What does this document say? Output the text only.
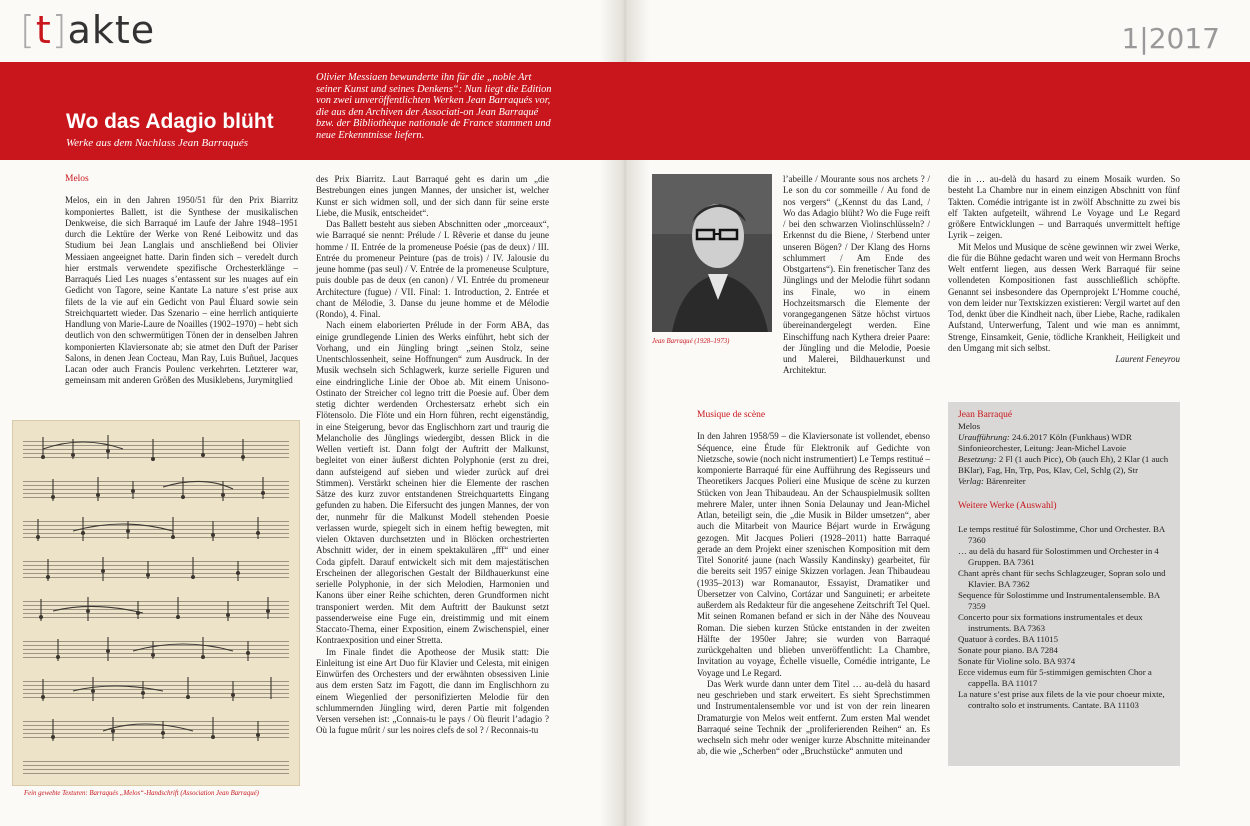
[t]akte	1|2017
Wo das Adagio blüht
Werke aus dem Nachlass Jean Barraqués
Olivier Messiaen bewunderte ihn für die „noble Art seiner Kunst und seines Denkens“: Nun liegt die Edition von zwei unveröffentlichten Werken Jean Barraqués vor, die aus den Archiven der Associati-on Jean Barraqué bzw. der Bibliothèque nationale de France stammen und neue Erkenntnisse liefern.
Melos

Melos, ein in den Jahren 1950/51 für den Prix Biarritz komponiertes Ballett, ist die Synthese der musikalischen Denkweise, die sich Barraqué im Laufe der Jahre 1948–1951 durch die Lektüre der Werke von René Leibowitz und das Studium bei Jean Langlais und anschließend bei Olivier Messiaen angeeignet hatte. Darin finden sich – veredelt durch hier erstmals verwendete spezifische Orchesterklänge – Barraqués Lied Les nuages s’entassent sur les nuages auf ein Gedicht von Tagore, seine Kantate La nature s’est prise aux filets de la vie auf ein Gedicht von Paul Éluard sowie sein Streichquartett wieder. Das Szenario – eine herrlich antiquierte Handlung von Marie-Laure de Noailles (1902–1970) – hebt sich deutlich von den schwermütigen Tönen der in denselben Jahren komponierten Klaviersonate ab; sie atmet den Duft der Pariser Salons, in denen Jean Cocteau, Man Ray, Luis Buñuel, Jacques Lacan oder auch Francis Poulenc verkehrten. Letzterer war, gemeinsam mit anderen Größen des Musiklebens, Jurymitglied

Fein gewebte Texturen: Barraqués „Melos“-Handschrift (Association Jean Barraqué)

des Prix Biarritz. Laut Barraqué geht es darin um „die Bestrebungen eines jungen Mannes, der unsicher ist, welcher Kunst er sich widmen soll, und der sich dann für seine erste Liebe, die Musik, entscheidet“.

Das Ballett besteht aus sieben Abschnitten oder „morceaux“, wie Barraqué sie nennt: Prélude / I. Rêverie et danse du jeune homme / II. Entrée de la promeneuse Poésie (pas de deux) / III. Entrée du promeneur Peinture (pas de trois) / IV. Jalousie du jeune homme (pas seul) / V. Entrée de la promeneuse Sculpture, puis double pas de deux (en canon) / VI. Entrée du promeneur Architecture (fugue) / VII. Final: 1. Introduction, 2. Entrée et chant de Mélodie, 3. Danse du jeune homme et de Mélodie (Rondo), 4. Final.

Nach einem elaborierten Prélude in der Form ABA, das einige grundlegende Linien des Werks einführt, hebt sich der Vorhang, und ein Jüngling bringt „seinen Stolz, seine Unentschlossenheit, seine Hoffnungen“ zum Ausdruck. In der Musik wechseln sich Schlagwerk, kurze serielle Figuren und eine eindringliche Linie der Oboe ab. Mit einem Unisono-Ostinato der Streicher col legno tritt die Poesie auf. Über dem stetig dichter werdenden Orchestersatz erhebt sich ein Flötensolo. Die Flöte und ein Horn führen, recht eigenständig, in eine Steigerung, bevor das Englischhorn zart und traurig die Melancholie des Jünglings wiedergibt, dessen Blick in die Wellen vertieft ist. Dann folgt der Auftritt der Malkunst, begleitet von einer äußerst dichten Polyphonie (erst zu drei, dann aufsteigend auf sieben und wieder zurück auf drei Stimmen). Verstärkt scheinen hier die Elemente der raschen Sätze des kurz zuvor entstandenen Streichquartetts Eingang gefunden zu haben. Die Eifersucht des jungen Mannes, der von der, nunmehr für die Malkunst Modell stehenden Poesie verlassen wurde, spiegelt sich in einem heftig bewegten, mit vielen Oktaven durchsetzten und in Blöcken orchestrierten Abschnitt wider, der in einem spektakulären „fff“ und einer Coda gipfelt. Darauf entwickelt sich mit dem majestätischen Erscheinen der allegorischen Gestalt der Bildhauerkunst eine serielle Polyphonie, in der sich Melodien, Harmonien und Kanons über einer Reihe schichten, deren Grundformen nicht transponiert werden. Mit dem Auftritt der Baukunst setzt passenderweise eine Fuge ein, dreistimmig und mit einem Staccato-Thema, einer Exposition, einem Zwischenspiel, einer Kontraexposition und einer Stretta.

Im Finale findet die Apotheose der Musik statt: Die Einleitung ist eine Art Duo für Klavier und Celesta, mit einigen Einwürfen des Orchesters und der erwähnten obsessiven Linie aus dem ersten Satz im Fagott, die dann im Englischhorn zu einem Wiegenlied der personifizierten Melodie für den schlummernden Jüngling wird, deren Partie mit folgenden Versen versehen ist: „Connais-tu le pays / Où fleurit l’adagio ? Où la fugue mûrit / sur les noires clefs de sol ? / Reconnais-tu

Jean Barraqué (1928–1973)

l’abeille / Mourante sous nos archets ? / Le son du cor sommeille / Au fond de nos vergers“ („Kennst du das Land, / Wo das Adagio blüht? Wo die Fuge reift / bei den schwarzen Violinschlüsseln? / Erkennst du die Biene, / Sterbend unter unseren Bögen? / Der Klang des Horns schlummert / Am Ende des Obstgartens“). Ein frenetischer Tanz des Jünglings und der Melodie führt sodann ins Finale, wo in einem Hochzeitsmarsch die Elemente der vorangegangenen Sätze höchst virtuos übereinandergelegt werden. Eine Einschiffung nach Kythera dreier Paare: der Jüngling und die Melodie, Poesie und Malerei, Bildhauerkunst und Architektur.

Musique de scène

In den Jahren 1958/59 – die Klaviersonate ist vollendet, ebenso Séquence, eine Étude für Elektronik auf Gedichte von Nietzsche, sowie (noch nicht instrumentiert) Le Temps restitué – komponierte Barraqué für eine Aufführung des Regisseurs und Theoretikers Jacques Polieri eine Musique de scène zu kurzen Stücken von Jean Thibaudeau. An der Schauspielmusik sollten mehrere Maler, unter ihnen Sonia Delaunay und Jean-Michel Atlan, beteiligt sein, die „die Musik in Bilder umsetzen“, aber auch die Mitarbeit von Maurice Béjart wurde in Erwägung gezogen. Mit Jacques Polieri (1928–2011) hatte Barraqué gerade an dem Projekt einer szenischen Komposition mit dem Titel Sonorité jaune (nach Wassily Kandinsky) gearbeitet, für die bereits seit 1957 einige Skizzen vorlagen. Jean Thibaudeau (1935–2013) war Romanautor, Essayist, Dramatiker und Übersetzer von Calvino, Cortázar und Sanguineti; er arbeitete außerdem als Redakteur für die angesehene Zeitschrift Tel Quel. Mit seinen Romanen befand er sich in der Nähe des Nouveau Roman. Die sieben kurzen Stücke entstanden in der zweiten Hälfte der 1950er Jahre; sie wurden von Barraqué zurückgehalten und blieben unveröffentlicht: La Chambre, Invitation au voyage, Échelle visuelle, Comédie intrigante, Le Voyage und Le Regard.

Das Werk wurde dann unter dem Titel … au-delà du hasard neu geschrieben und stark erweitert. Es sieht Sprechstimmen und Instrumentalensemble vor und ist von der rein linearen Dramaturgie von Melos weit entfernt. Zum ersten Mal wendet Barraqué seine Technik der „proliferierenden Reihen“ an. Es wechseln sich mehr oder weniger kurze Abschnitte miteinander ab, die wie „Scherben“ oder „Bruchstücke“ anmuten und

die in … au-delà du hasard zu einem Mosaik wurden. So besteht La Chambre nur in einem einzigen Abschnitt von fünf Takten. Comédie intrigante ist in zwölf Abschnitte zu zwei bis elf Takten aufgeteilt, während Le Voyage und Le Regard größere Entwicklungen – und Barraqués unvermittelt heftige Lyrik – zeigen.

Mit Melos und Musique de scène gewinnen wir zwei Werke, die für die Bühne gedacht waren und weit von Hermann Brochs Welt entfernt liegen, aus dessen Werk Barraqué für seine vollendeten Kompositionen fast ausschließlich schöpfte. Genannt sei insbesondere das Opernprojekt L’Homme couché, von dem leider nur Textskizzen existieren: Vergil wartet auf den Tod, denkt über die Kindheit nach, über Liebe, Rache, radikalen Aufstand, Unterwerfung, Talent und wie man es annimmt, Strenge, Einsamkeit, Genie, tödliche Krankheit, Heiligkeit und den Umgang mit sich selbst.

Laurent Feneyrou

Jean Barraqué
Melos
Uraufführung: 24.6.2017 Köln (Funkhaus) WDR Sinfonieorchester, Leitung: Jean-Michel Lavoie
Besetzung: 2 Fl (1 auch Picc), Ob (auch Eh), 2 Klar (1 auch BKlar), Fag, Hn, Trp, Pos, Klav, Cel, Schlg (2), Str
Verlag: Bärenreiter
Weitere Werke (Auswahl)
Le temps restitué für Solostimme, Chor und Orchester. BA 7360
… au delà du hasard für Solostimmen und Orchester in 4 Gruppen. BA 7361
Chant après chant für sechs Schlagzeuger, Sopran solo und Klavier. BA 7362
Sequence für Solostimme und Instrumentalensemble. BA 7359
Concerto pour six formations instrumentales et deux instruments. BA 7363
Quatuor à cordes. BA 11015
Sonate pour piano. BA 7284
Sonate für Violine solo. BA 9374
Ecce videmus eum für 5-stimmigen gemischten Chor a cappella. BA 11017
La nature s’est prise aux filets de la vie pour choeur mixte, contralto solo et instruments. Cantate. BA 11103
